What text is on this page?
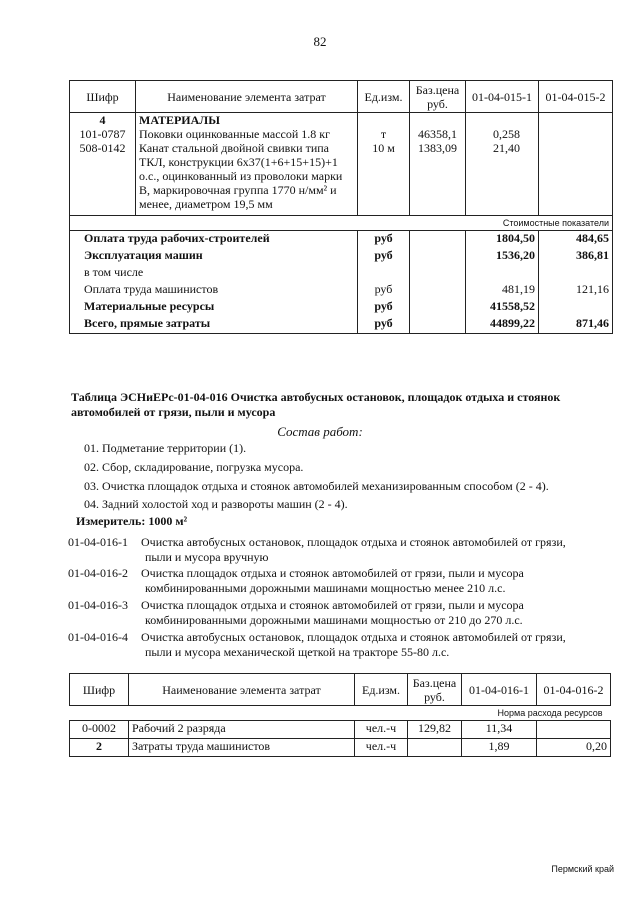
82
Шифр	Наименование элемента затрат	Ед.изм.	Баз.цена руб.	01-04-015-1	01-04-015-2
4	МАТЕРИАЛЫ				
101-0787	Поковки оцинкованные массой 1.8 кг	т	46358,1	0,258	
508-0142	Канат стальной двойной свивки типа
ТКЛ, конструкции 6х37(1+6+15+15)+1
о.с., оцинкованный из проволоки марки
В, маркировочная группа 1770 н/мм² и
менее, диаметром 19,5 мм	10 м	1383,09	21,40	
			Стоимостные показатели		
Оплата труда рабочих-строителей		руб		1804,50	484,65
Эксплуатация машин		руб		1536,20	386,81
в том числе					
Оплата труда машинистов		руб		481,19	121,16
Материальные ресурсы		руб		41558,52	
Всего, прямые затраты		руб		44899,22	871,46
Таблица ЭСНиЕРс-01-04-016 Очистка автобусных остановок, площадок отдыха и стоянок автомобилей от грязи, пыли и мусора
Состав работ:
01. Подметание территории (1).
02. Сбор, складирование, погрузка мусора.
03. Очистка площадок отдыха и стоянок автомобилей механизированным способом (2 - 4).
04. Задний холостой ход и развороты машин (2 - 4).
Измеритель: 1000 м²
01-04-016-1	Очистка автобусных остановок, площадок отдыха и стоянок автомобилей от грязи,
пыли и мусора вручную
01-04-016-2	Очистка площадок отдыха и стоянок автомобилей от грязи, пыли и мусора
комбинированными дорожными машинами мощностью менее 210 л.с.
01-04-016-3	Очистка площадок отдыха и стоянок автомобилей от грязи, пыли и мусора
комбинированными дорожными машинами мощностью от 210 до 270 л.с.
01-04-016-4	Очистка автобусных остановок, площадок отдыха и стоянок автомобилей от грязи,
пыли и мусора механической щеткой на тракторе 55-80 л.с.
Шифр	Наименование элемента затрат	Ед.изм.	Баз.цена руб.	01-04-016-1	01-04-016-2
Норма расхода ресурсов					
0-0002	Рабочий 2 разряда	чел.-ч	129,82	11,34	
2	Затраты труда машинистов	чел.-ч		1,89	0,20
Пермский край
